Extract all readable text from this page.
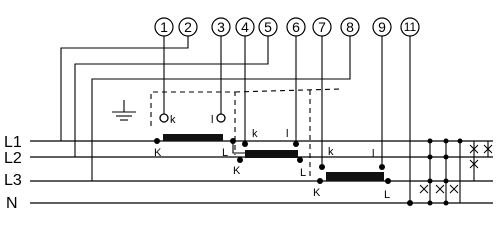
L1
L2
L3
N
1 2 3 4 5 6 7 8 9 11
k	l
K	L
k	l
K	L
k	l
K	L
